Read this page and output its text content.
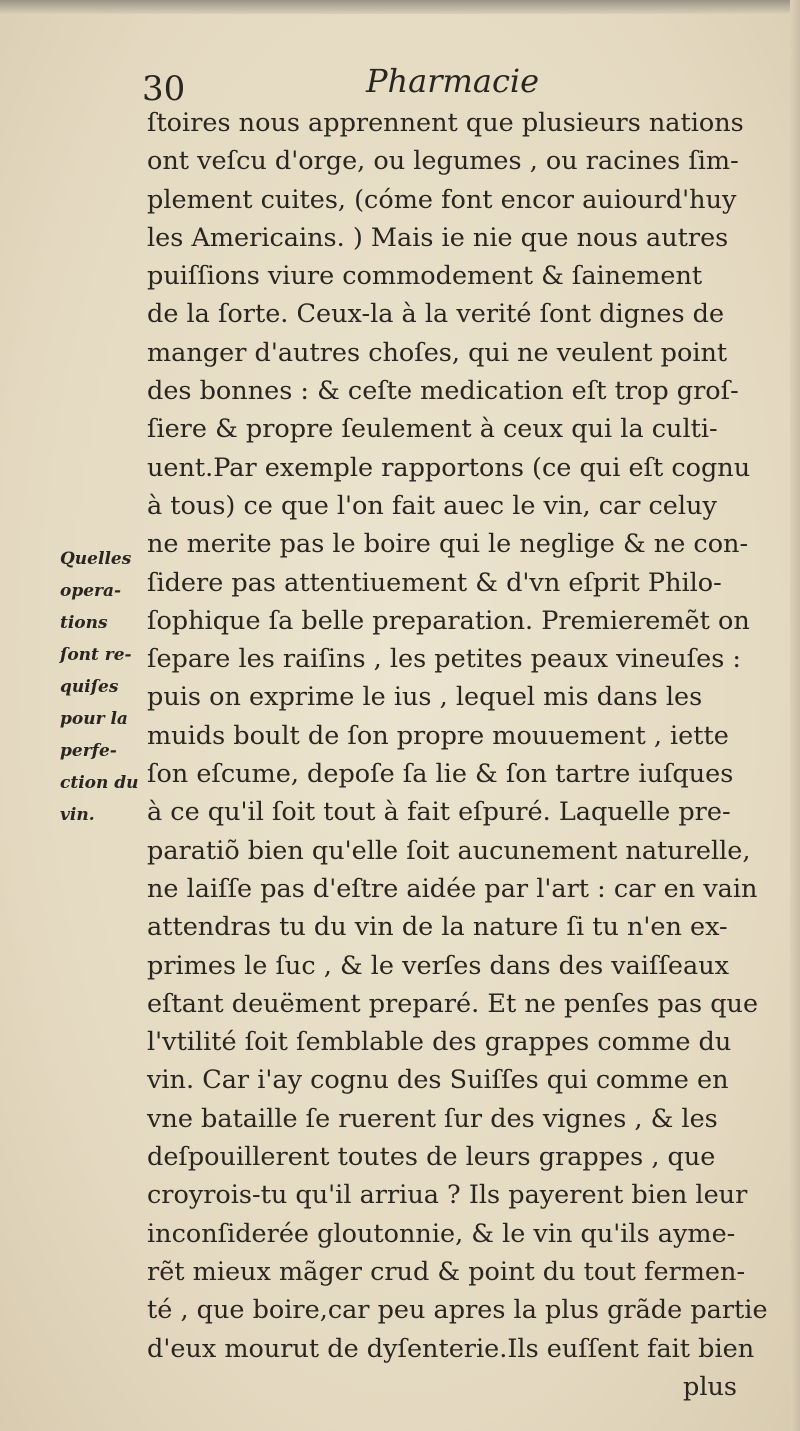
30	Pharmacie
Quelles
opera-
tions
ſont re-
quiſes
pour la
perfe-
ction du
vin.
ſtoires nous apprennent que plusieurs nations
ont veſcu d'orge, ou legumes , ou racines ſim-
plement cuites, (cóme font encor auiourd'huy
les Americains. ) Mais ie nie que nous autres
puiſſions viure commodement & ſainement
de la ſorte. Ceux-la à la verité ſont dignes de
manger d'autres choſes, qui ne veulent point
des bonnes : & ceſte medication eſt trop groſ-
ſiere & propre ſeulement à ceux qui la culti-
uent.Par exemple rapportons (ce qui eſt cognu
à tous) ce que l'on fait auec le vin, car celuy
ne merite pas le boire qui le neglige & ne con-
ſidere pas attentiuement & d'vn eſprit Philo-
ſophique ſa belle preparation. Premieremẽt on
ſepare les raiſins , les petites peaux vineuſes :
puis on exprime le ius , lequel mis dans les
muids boult de ſon propre mouuement , iette
ſon eſcume, depoſe ſa lie & ſon tartre iuſques
à ce qu'il ſoit tout à fait eſpuré. Laquelle pre-
paratiõ bien qu'elle ſoit aucunement naturelle,
ne laiſſe pas d'eſtre aidée par l'art : car en vain
attendras tu du vin de la nature ſi tu n'en ex-
primes le ſuc , & le verſes dans des vaiſſeaux
eſtant deuëment preparé. Et ne penſes pas que
l'vtilité ſoit ſemblable des grappes comme du
vin. Car i'ay cognu des Suiſſes qui comme en
vne bataille ſe ruerent ſur des vignes , & les
deſpouillerent toutes de leurs grappes , que
croyrois-tu qu'il arriua ? Ils payerent bien leur
inconſiderée gloutonnie, & le vin qu'ils ayme-
rẽt mieux mãger crud & point du tout fermen-
té , que boire,car peu apres la plus grãde partie
d'eux mourut de dyſenterie.Ils euſſent fait bien
plus
